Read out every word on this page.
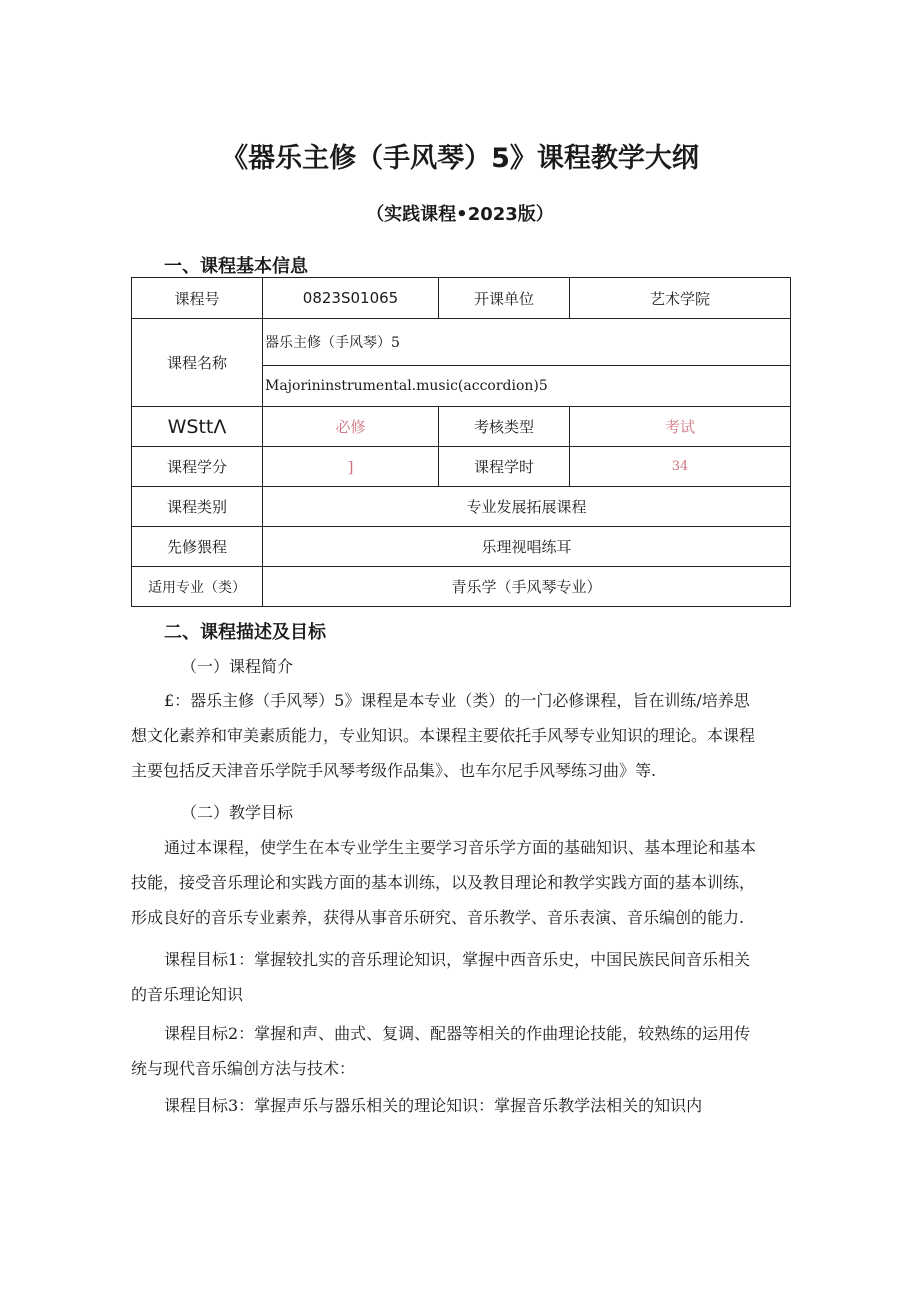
《器乐主修（手风琴）5》课程教学大纲
（实践课程•2023版）
一、课程基本信息
课程号	0823S01065	开课单位	艺术学院
课程名称	器乐主修（手风琴）5		
	Majorininstrumental.music(accordion)5		
WSttΛ	必修	考核类型	考试
课程学分	]	课程学时	34
课程类别	专业发展拓展课程		
先修猥程	乐理视唱练耳		
适用专业（类）	青乐学（手风琴专业）		
二、课程描述及目标
（一）课程简介
£：器乐主修（手风琴）5》课程是本专业（类）的一门必修课程，旨在训练/培养思
想文化素养和审美素质能力，专业知识。本课程主要依托手风琴专业知识的理论。本课程
主要包括反天津音乐学院手风琴考级作品集》、也车尔尼手风琴练习曲》等.
（二）教学目标
通过本课程，使学生在本专业学生主要学习音乐学方面的基础知识、基本理论和基本
技能，接受音乐理论和实践方面的基本训练，以及教目理论和教学实践方面的基本训练，
形成良好的音乐专业素养，获得从事音乐研究、音乐教学、音乐表演、音乐编创的能力.
课程目标1：掌握较扎实的音乐理论知识，掌握中西音乐史，中国民族民间音乐相关
的音乐理论知识
课程目标2：掌握和声、曲式、复调、配器等相关的作曲理论技能，较熟练的运用传
统与现代音乐编创方法与技术：
课程目标3：掌握声乐与器乐相关的理论知识：掌握音乐教学法相关的知识内
